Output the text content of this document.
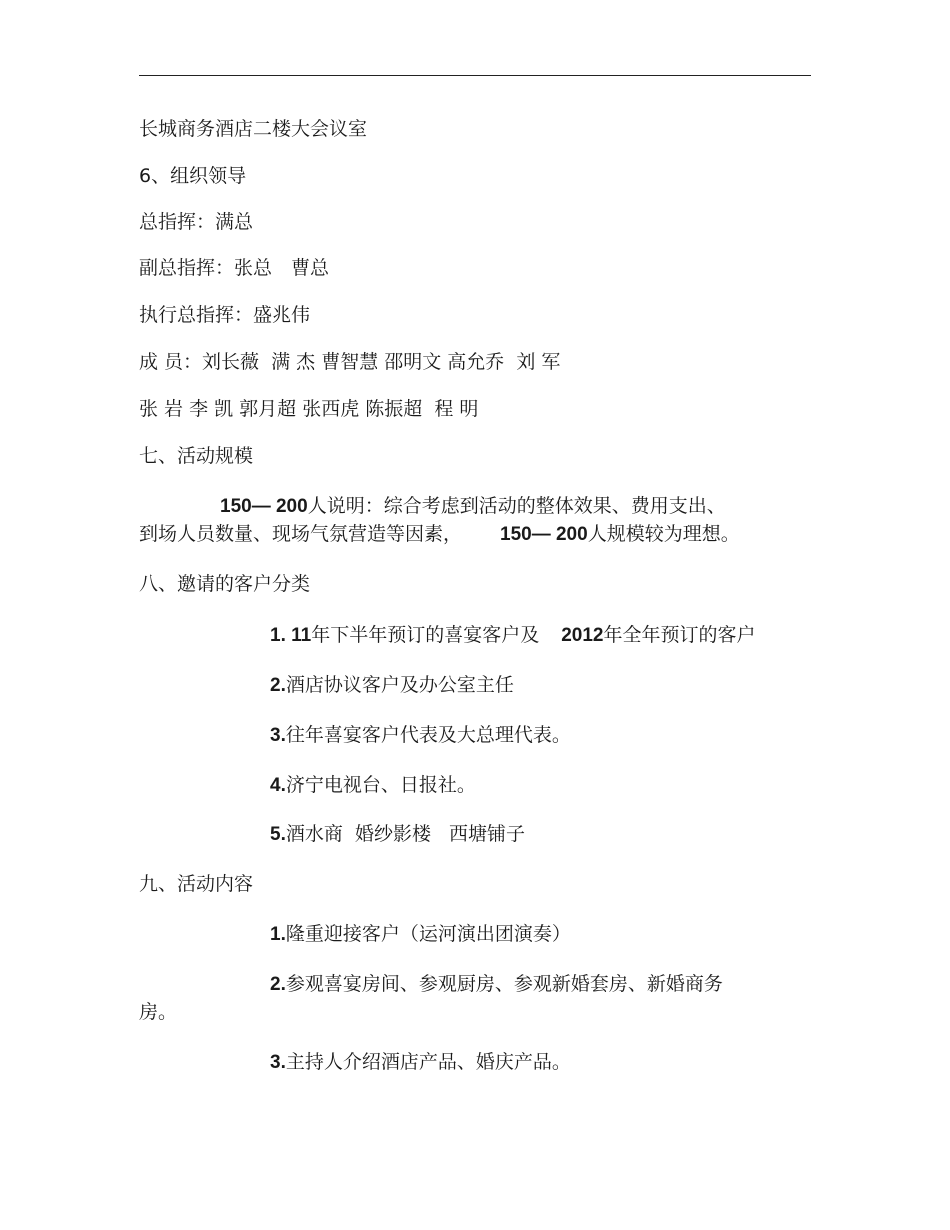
长城商务酒店二楼大会议室
6、组织领导
总指挥：满总
副总指挥：张总　曹总
执行总指挥：盛兆伟
成 员：刘长薇  满 杰 曹智慧 邵明文 高允乔  刘 军
张 岩 李 凯 郭月超 张西虎 陈振超  程 明
七、活动规模
150— 200人说明：综合考虑到活动的整体效果、费用支出、
到场人员数量、现场气氛营造等因素， 150— 200人规模较为理想。
八、邀请的客户分类
1. 11年下半年预订的喜宴客户及 2012年全年预订的客户
2.酒店协议客户及办公室主任
3.往年喜宴客户代表及大总理代表。
4.济宁电视台、日报社。
5.酒水商  婚纱影楼   西塘铺子
九、活动内容
1.隆重迎接客户（运河演出团演奏）
2.参观喜宴房间、参观厨房、参观新婚套房、新婚商务
房。
3.主持人介绍酒店产品、婚庆产品。
